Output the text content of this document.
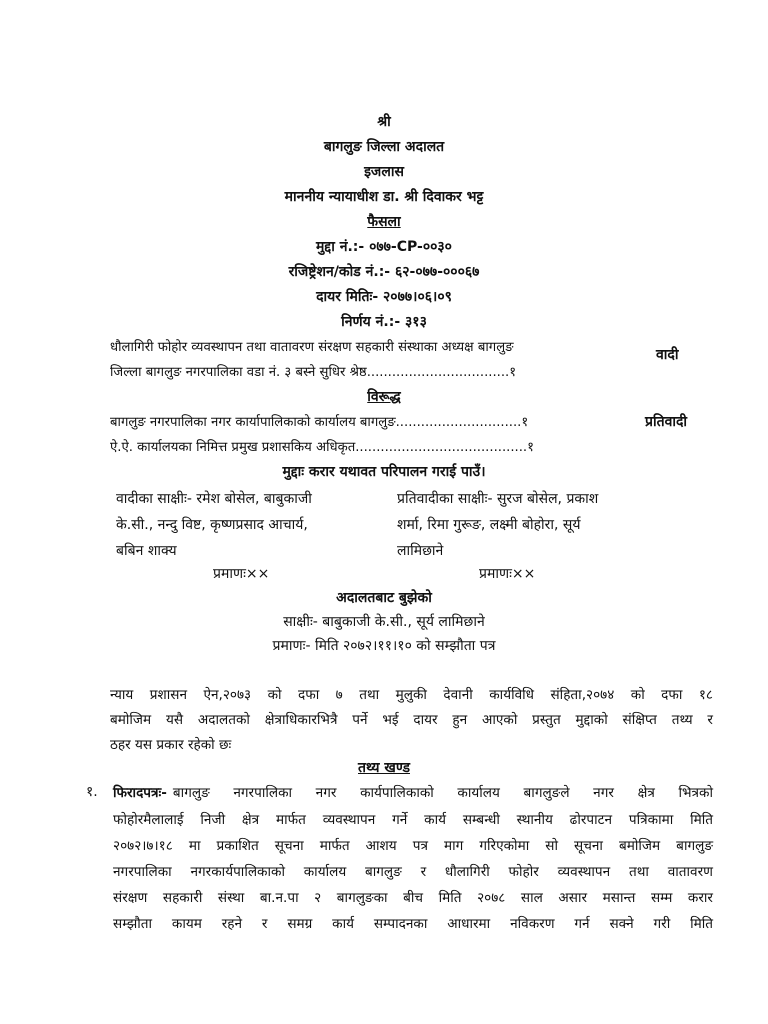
श्री
बागलुङ जिल्ला अदालत
इजलास
माननीय न्यायाधीश डा. श्री दिवाकर भट्ट
फैसला
मुद्दा नं.:- ०७७-CP-००३०
रजिष्ट्रेशन/कोड नं.:- ६२-०७७-०००६७
दायर मितिः- २०७७।०६।०९
निर्णय नं.:- ३१३
धौलागिरी फोहोर व्यवस्थापन तथा वातावरण संरक्षण सहकारी संस्थाका अध्यक्ष बागलुङ
जिल्ला बागलुङ नगरपालिका वडा नं. ३ बस्ने सुधिर श्रेष्ठ..................................१
वादी
विरूद्ध
बागलुङ नगरपालिका नगर कार्यापालिकाको कार्यालय बागलुङ..............................१
ऐ.ऐ. कार्यालयका निमित्त प्रमुख प्रशासकिय अधिकृत.........................................१
प्रतिवादी
मुद्दाः करार यथावत परिपालन गराई पाउँ।
वादीका साक्षीः- रमेश बोसेल, बाबुकाजी
के.सी., नन्दु विष्ट, कृष्णप्रसाद आचार्य,
बबिन शाक्य
प्रमाणः××
प्रतिवादीका साक्षीः- सुरज बोसेल, प्रकाश
शर्मा, रिमा गुरूङ, लक्ष्मी बोहोरा, सूर्य
लामिछाने
प्रमाणः××
अदालतबाट बुझेको
साक्षीः- बाबुकाजी के.सी., सूर्य लामिछाने
प्रमाणः- मिति २०७२।११।१० को सम्झौता पत्र
न्याय प्रशासन ऐन,२०७३ को दफा ७ तथा मुलुकी देवानी कार्यविधि संहिता,२०७४ को दफा १८
बमोजिम यसै अदालतको क्षेत्राधिकारभित्रै पर्ने भई दायर हुन आएको प्रस्तुत मुद्दाको संक्षिप्त तथ्य र
ठहर यस प्रकार रहेको छः
तथ्य खण्ड
१. फिरादपत्रः- बागलुङ नगरपालिका नगर कार्यपालिकाको कार्यालय बागलुङले नगर क्षेत्र भित्रको
फोहोरमैलालाई निजी क्षेत्र मार्फत व्यवस्थापन गर्ने कार्य सम्बन्धी स्थानीय ढोरपाटन पत्रिकामा मिति
२०७२।७।१८ मा प्रकाशित सूचना मार्फत आशय पत्र माग गरिएकोमा सो सूचना बमोजिम बागलुङ
नगरपालिका नगरकार्यपालिकाको कार्यालय बागलुङ र धौलागिरी फोहोर व्यवस्थापन तथा वातावरण
संरक्षण सहकारी संस्था बा.न.पा २ बागलुङका बीच मिति २०७८ साल असार मसान्त सम्म करार
सम्झौता कायम रहने र समग्र कार्य सम्पादनका आधारमा नविकरण गर्न सक्ने गरी मिति
